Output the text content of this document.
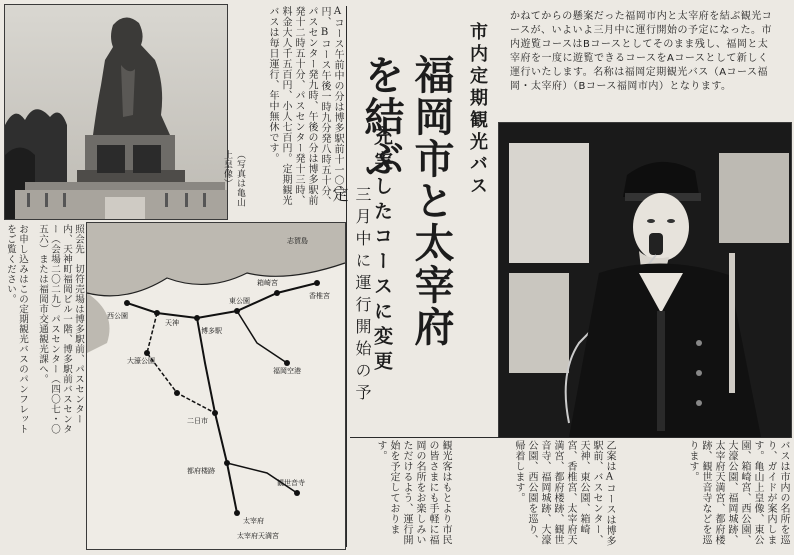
Aコース午前中の分は博多駅前十一〇〇円、Bコース午後一時九分発八時五十分、パスセンター発九時、午後の分は博多駅前発十二時五十分、パスセンター発十三時、料金大人千五百円、小人七百円。定期観光バスは毎日運行、年中無休です。
（写真は亀山上皇像）
福岡空港
香椎宮
箱崎宮
東公園
博多駅
天神
西公園
大濠公園
太宰府
都府楼跡
観世音寺
太宰府天満宮
二日市
志賀島
照会先　切符売場は博多駅前、パスセンター内、天神町福岡ビル一階、博多駅前バスセンター（会場二〇二九）パスセンター（四〇七・〇五六）または福岡市交通観光課へ。
お申し込みはこの定期観光バスのパンフレットをご覧ください。
市内定期観光バス
福岡市と太宰府を結ぶ
充実したコースに変更
三月中に運行開始の予定
かねてからの懸案だった福岡市内と太宰府を結ぶ観光コースが、いよいよ三月中に運行開始の予定になった。市内遊覧コースはBコースとしてそのまま残し、福岡と太宰府を一度に遊覧できるコースをAコースとして新しく運行いたします。名称は福岡定期観光バス（Aコース福岡・太宰府）（Bコース福岡市内）となります。
バスは市内の名所を巡り、ガイドが案内します。亀山上皇像、東公園、箱崎宮、西公園、大濠公園、福岡城跡、太宰府天満宮、都府楼跡、観世音寺などを巡ります。
乙案はAコースは博多駅前、バスセンター、天神、東公園、箱崎宮、香椎宮、太宰府天満宮、都府楼跡、観世音寺、福岡城跡、大濠公園、西公園を巡り、帰着します。
観光客はもとより市民の皆さまにも手軽に福岡の名所をお楽しみいただけるよう、運行開始を予定しております。
